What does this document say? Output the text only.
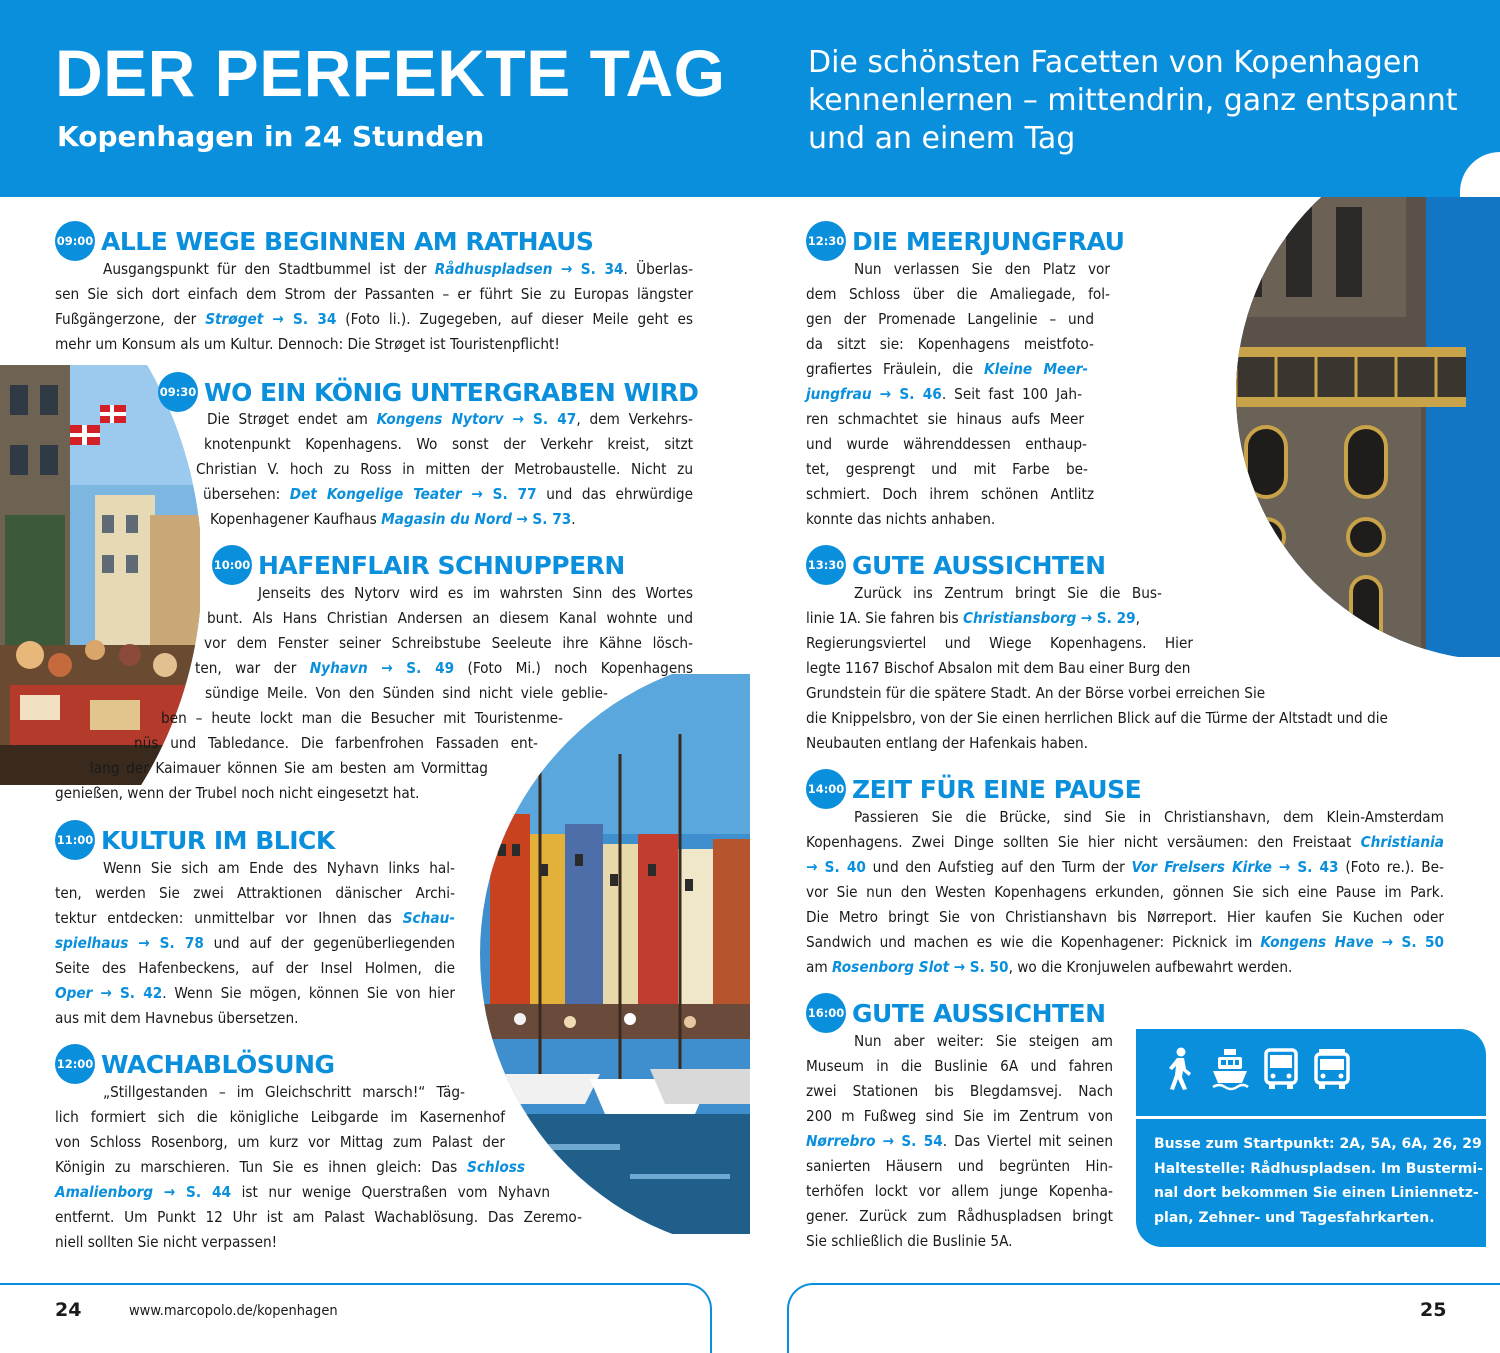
DER PERFEKTE TAG
Kopenhagen in 24 Stunden

Die schönsten Facetten von Kopenhagen
kennenlernen – mittendrin, ganz entspannt
und an einem Tag

09:00 ALLE WEGE BEGINNEN AM RATHAUS

Ausgangspunkt für den Stadtbummel ist der Rådhuspladsen → S. 34. Überlas-
sen Sie sich dort einfach dem Strom der Passanten – er führt Sie zu Europas längster
Fußgängerzone, der Strøget → S. 34 (Foto li.). Zugegeben, auf dieser Meile geht es
mehr um Konsum als um Kultur. Dennoch: Die Strøget ist Touristenpflicht!

09:30 WO EIN KÖNIG UNTERGRABEN WIRD

Die Strøget endet am Kongens Nytorv → S. 47, dem Verkehrs-
knotenpunkt Kopenhagens. Wo sonst der Verkehr kreist, sitzt
Christian V. hoch zu Ross in mitten der Metrobaustelle. Nicht zu
übersehen: Det Kongelige Teater → S. 77 und das ehrwürdige
Kopenhagener Kaufhaus Magasin du Nord → S. 73.

10:00 HAFENFLAIR SCHNUPPERN

Jenseits des Nytorv wird es im wahrsten Sinn des Wortes
bunt. Als Hans Christian Andersen an diesem Kanal wohnte und
vor dem Fenster seiner Schreibstube Seeleute ihre Kähne lösch-
ten, war der Nyhavn → S. 49 (Foto Mi.) noch Kopenhagens
sündige Meile. Von den Sünden sind nicht viele geblie-
ben – heute lockt man die Besucher mit Touristenme-
nüs und Tabledance. Die farbenfrohen Fassaden ent-
lang der Kaimauer können Sie am besten am Vormittag
genießen, wenn der Trubel noch nicht eingesetzt hat.

11:00 KULTUR IM BLICK

Wenn Sie sich am Ende des Nyhavn links hal-
ten, werden Sie zwei Attraktionen dänischer Archi-
tektur entdecken: unmittelbar vor Ihnen das Schau-
spielhaus → S. 78 und auf der gegenüberliegenden
Seite des Hafenbeckens, auf der Insel Holmen, die
Oper → S. 42. Wenn Sie mögen, können Sie von hier
aus mit dem Havnebus übersetzen.

12:00 WACHABLÖSUNG

„Stillgestanden – im Gleichschritt marsch!“ Täg-
lich formiert sich die königliche Leibgarde im Kasernenhof
von Schloss Rosenborg, um kurz vor Mittag zum Palast der
Königin zu marschieren. Tun Sie es ihnen gleich: Das Schloss
Amalienborg → S. 44 ist nur wenige Querstraßen vom Nyhavn
entfernt. Um Punkt 12 Uhr ist am Palast Wachablösung. Das Zeremo-
niell sollten Sie nicht verpassen!

12:30 DIE MEERJUNGFRAU

Nun verlassen Sie den Platz vor
dem Schloss über die Amaliegade, fol-
gen der Promenade Langelinie – und
da sitzt sie: Kopenhagens meistfoto-
grafiertes Fräulein, die Kleine Meer-
jungfrau → S. 46. Seit fast 100 Jah-
ren schmachtet sie hinaus aufs Meer
und wurde währenddessen enthaup-
tet, gesprengt und mit Farbe be-
schmiert. Doch ihrem schönen Antlitz
konnte das nichts anhaben.

13:30 GUTE AUSSICHTEN

Zurück ins Zentrum bringt Sie die Bus-
linie 1A. Sie fahren bis Christiansborg → S. 29,
Regierungsviertel und Wiege Kopenhagens. Hier
legte 1167 Bischof Absalon mit dem Bau einer Burg den
Grundstein für die spätere Stadt. An der Börse vorbei erreichen Sie
die Knippelsbro, von der Sie einen herrlichen Blick auf die Türme der Altstadt und die
Neubauten entlang der Hafenkais haben.

14:00 ZEIT FÜR EINE PAUSE

Passieren Sie die Brücke, sind Sie in Christianshavn, dem Klein-Amsterdam
Kopenhagens. Zwei Dinge sollten Sie hier nicht versäumen: den Freistaat Christiania
→ S. 40 und den Aufstieg auf den Turm der Vor Frelsers Kirke → S. 43 (Foto re.). Be-
vor Sie nun den Westen Kopenhagens erkunden, gönnen Sie sich eine Pause im Park.
Die Metro bringt Sie von Christianshavn bis Nørreport. Hier kaufen Sie Kuchen oder
Sandwich und machen es wie die Kopenhagener: Picknick im Kongens Have → S. 50
am Rosenborg Slot → S. 50, wo die Kronjuwelen aufbewahrt werden.

16:00 GUTE AUSSICHTEN

Nun aber weiter: Sie steigen am
Museum in die Buslinie 6A und fahren
zwei Stationen bis Blegdamsvej. Nach
200 m Fußweg sind Sie im Zentrum von
Nørrebro → S. 54. Das Viertel mit seinen
sanierten Häusern und begrünten Hin-
terhöfen lockt vor allem junge Kopenha-
gener. Zurück zum Rådhuspladsen bringt
Sie schließlich die Buslinie 5A.

Busse zum Startpunkt: 2A, 5A, 6A, 26, 29
Haltestelle: Rådhuspladsen. Im Bustermi-
nal dort bekommen Sie einen Liniennetz-
plan, Zehner- und Tagesfahrkarten.

24	www.marcopolo.de/kopenhagen	25
